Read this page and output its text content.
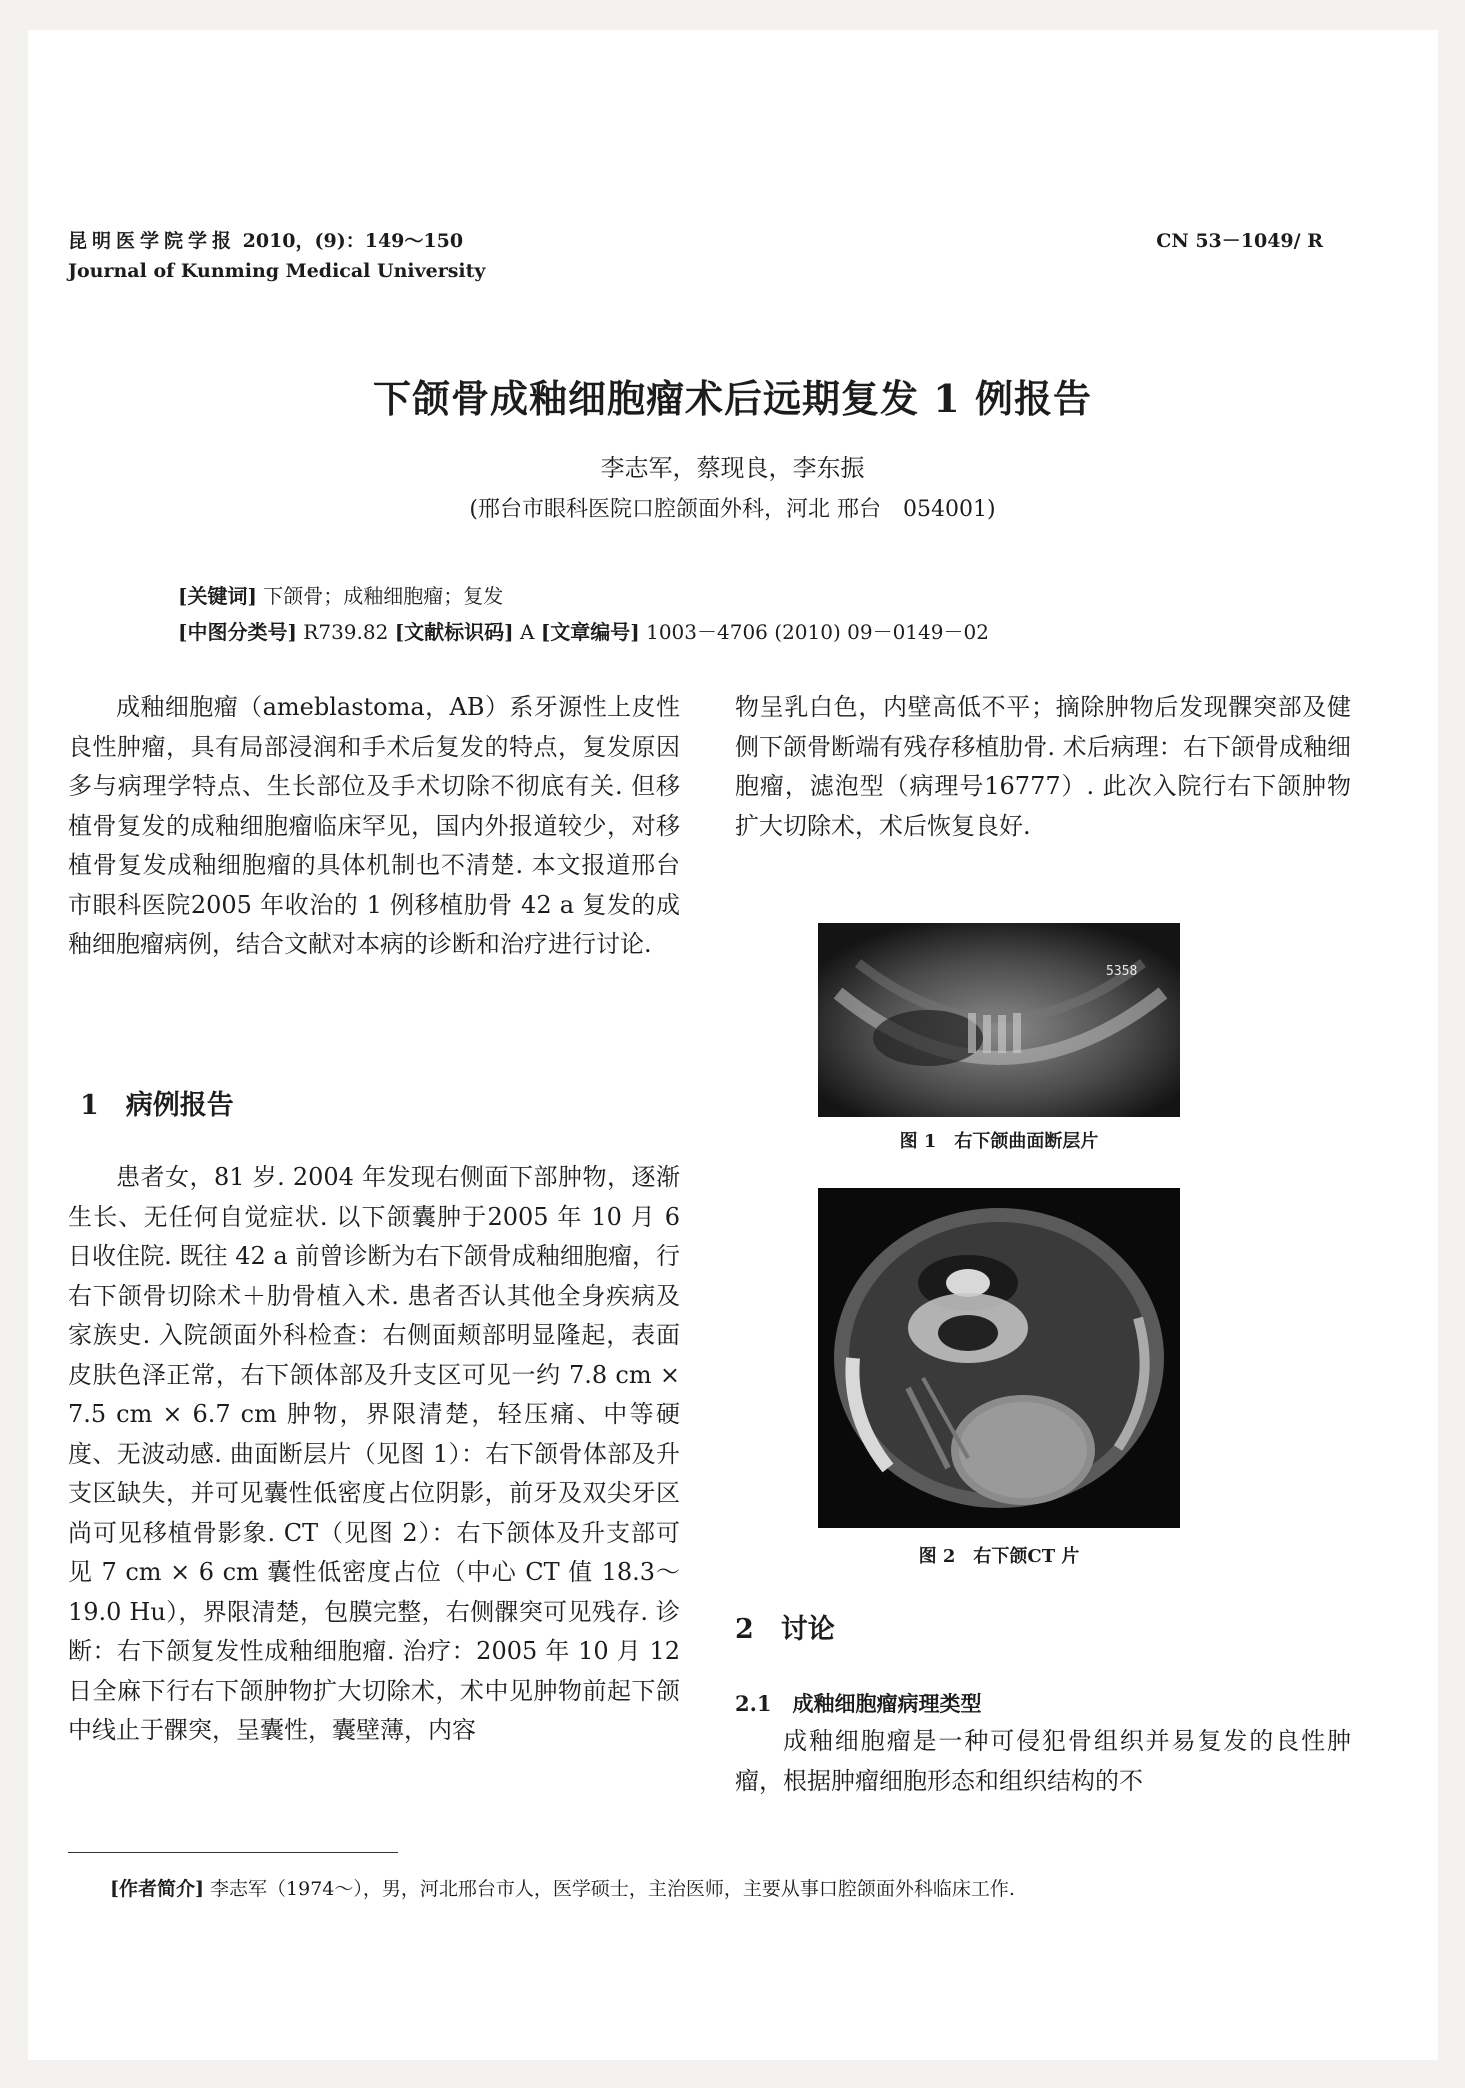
昆明医学院学报 2010，(9)：149～150
Journal of Kunming Medical University
CN 53－1049/ R
下颌骨成釉细胞瘤术后远期复发 1 例报告
李志军，蔡现良，李东振
(邢台市眼科医院口腔颌面外科，河北 邢台　054001)
[关键词] 下颌骨；成釉细胞瘤；复发
[中图分类号] R739.82 [文献标识码] A [文章编号] 1003－4706 (2010) 09－0149－02

成釉细胞瘤（ameblastoma，AB）系牙源性上皮性良性肿瘤，具有局部浸润和手术后复发的特点，复发原因多与病理学特点、生长部位及手术切除不彻底有关. 但移植骨复发的成釉细胞瘤临床罕见，国内外报道较少，对移植骨复发成釉细胞瘤的具体机制也不清楚. 本文报道邢台市眼科医院2005 年收治的 1 例移植肋骨 42 a 复发的成釉细胞瘤病例，结合文献对本病的诊断和治疗进行讨论.

1　病例报告

患者女，81 岁. 2004 年发现右侧面下部肿物，逐渐生长、无任何自觉症状. 以下颌囊肿于2005 年 10 月 6 日收住院. 既往 42 a 前曾诊断为右下颌骨成釉细胞瘤，行右下颌骨切除术＋肋骨植入术. 患者否认其他全身疾病及家族史. 入院颌面外科检查：右侧面颊部明显隆起，表面皮肤色泽正常，右下颌体部及升支区可见一约 7.8 cm × 7.5 cm × 6.7 cm 肿物，界限清楚，轻压痛、中等硬度、无波动感. 曲面断层片（见图 1）：右下颌骨体部及升支区缺失，并可见囊性低密度占位阴影，前牙及双尖牙区尚可见移植骨影象. CT（见图 2）：右下颌体及升支部可见 7 cm × 6 cm 囊性低密度占位（中心 CT 值 18.3～19.0 Hu），界限清楚，包膜完整，右侧髁突可见残存. 诊断：右下颌复发性成釉细胞瘤. 治疗：2005 年 10 月 12 日全麻下行右下颌肿物扩大切除术，术中见肿物前起下颌中线止于髁突，呈囊性，囊壁薄，内容

物呈乳白色，内壁高低不平；摘除肿物后发现髁突部及健侧下颌骨断端有残存移植肋骨. 术后病理：右下颌骨成釉细胞瘤，滤泡型（病理号16777）. 此次入院行右下颌肿物扩大切除术，术后恢复良好.

5358
图 1　右下颌曲面断层片
图 2　右下颌CT 片
2　讨论
2.1　成釉细胞瘤病理类型

成釉细胞瘤是一种可侵犯骨组织并易复发的良性肿瘤，根据肿瘤细胞形态和组织结构的不

[作者简介] 李志军（1974～），男，河北邢台市人，医学硕士，主治医师，主要从事口腔颌面外科临床工作.
